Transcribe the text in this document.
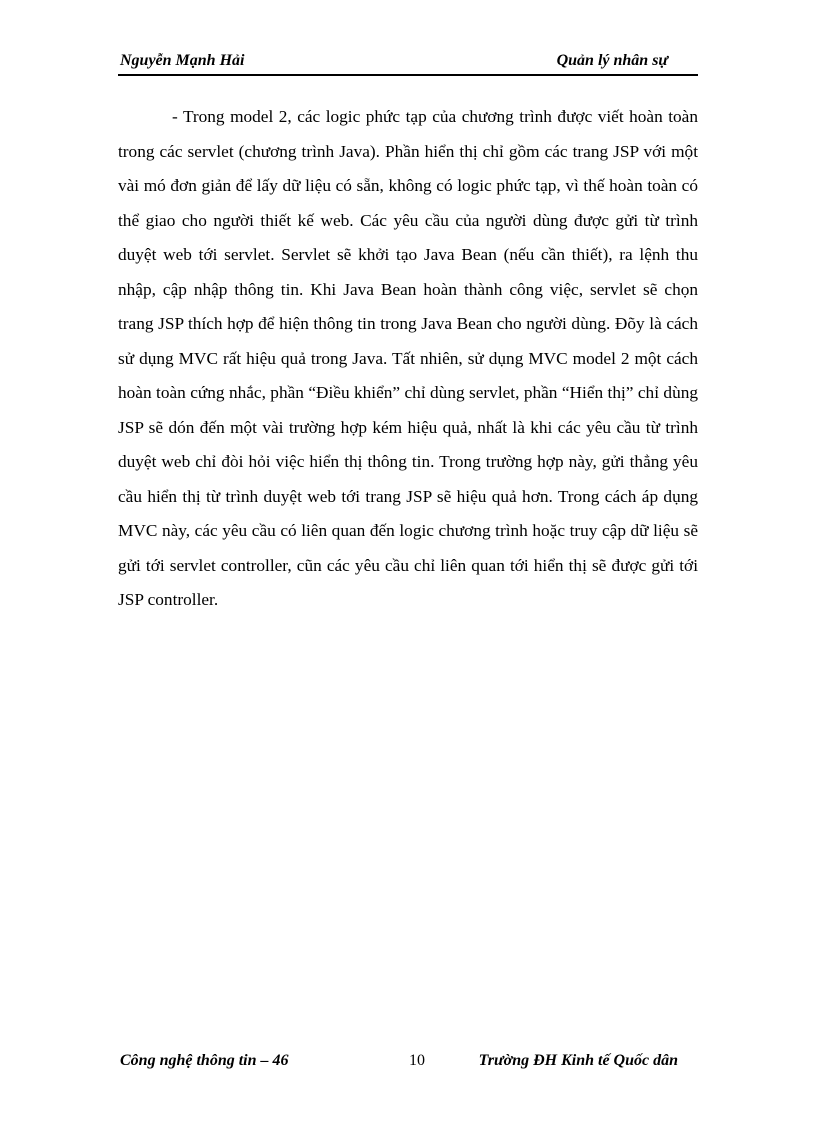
Nguyễn Mạnh Hải	Quản lý nhân sự

- Trong model 2, các logic phức tạp của chương trình được viết hoàn toàn trong các servlet (chương trình Java). Phần hiển thị chỉ gồm các trang JSP với một vài mó đơn giản để lấy dữ liệu có sẵn, không có logic phức tạp, vì thế hoàn toàn có thể giao cho người thiết kế web. Các yêu cầu của người dùng được gửi từ trình duyệt web tới servlet. Servlet sẽ khởi tạo Java Bean (nếu cần thiết), ra lệnh thu nhập, cập nhập thông tin. Khi Java Bean hoàn thành công việc, servlet sẽ chọn trang JSP thích hợp để hiện thông tin trong Java Bean cho người dùng. Đõy là cách sử dụng MVC rất hiệu quả trong Java. Tất nhiên, sử dụng MVC model 2 một cách hoàn toàn cứng nhắc, phần “Điều khiển” chỉ dùng servlet, phần “Hiển thị” chỉ dùng JSP sẽ dón đến một vài trường hợp kém hiệu quả, nhất là khi các yêu cầu từ trình duyệt web chỉ đòi hỏi việc hiển thị thông tin. Trong trường hợp này, gửi thẳng yêu cầu hiển thị từ trình duyệt web tới trang JSP sẽ hiệu quả hơn. Trong cách áp dụng MVC này, các yêu cầu có liên quan đến logic chương trình hoặc truy cập dữ liệu sẽ gửi tới servlet controller, cũn các yêu cầu chỉ liên quan tới hiển thị sẽ được gửi tới JSP controller.

Công nghệ thông tin – 46	10	Trường ĐH Kinh tế Quốc dân
